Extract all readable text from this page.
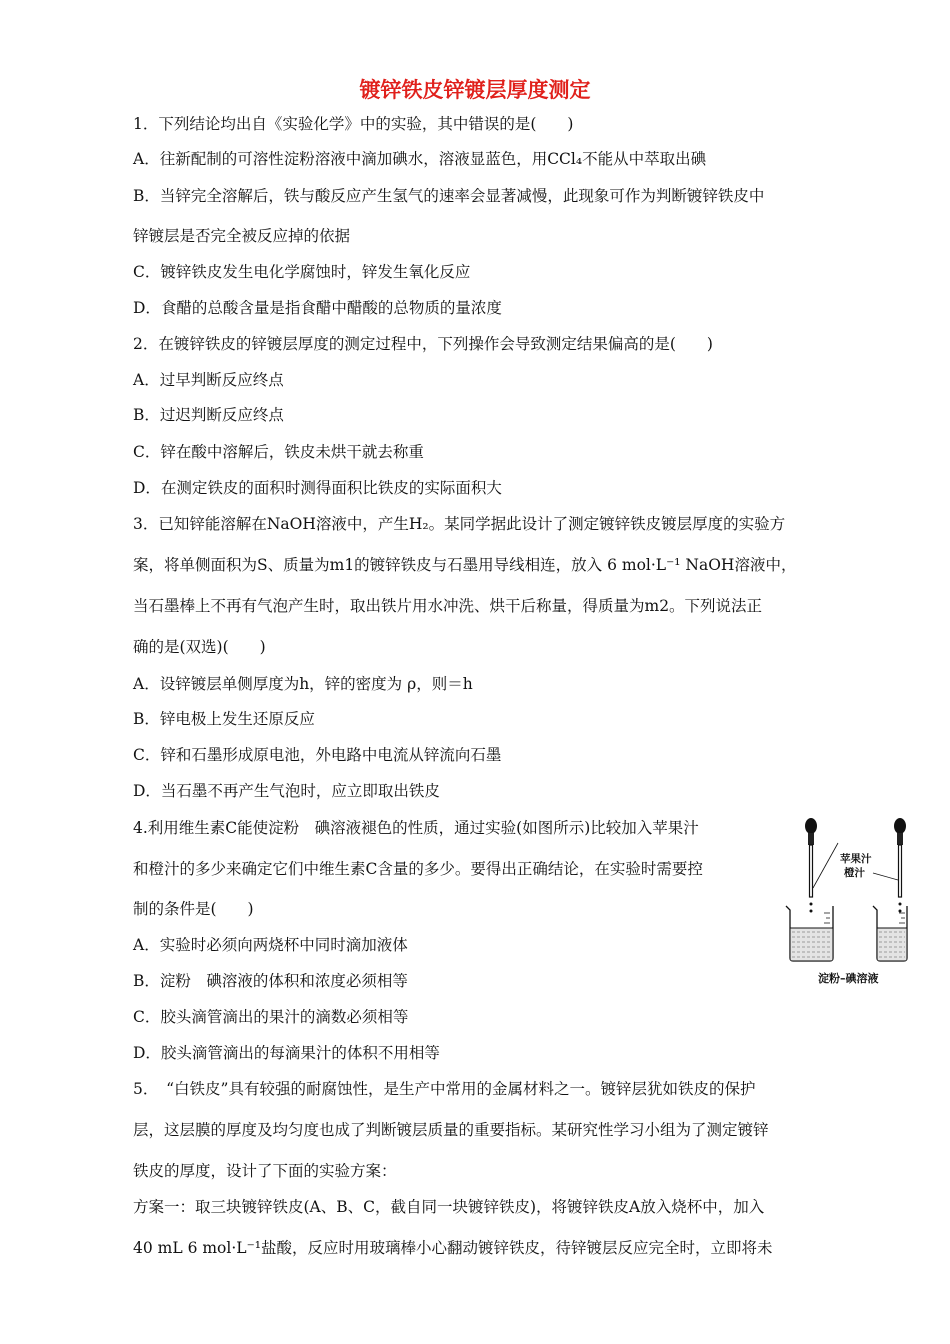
镀锌铁皮锌镀层厚度测定
1．下列结论均出自《实验化学》中的实验，其中错误的是(　　)
A．往新配制的可溶性淀粉溶液中滴加碘水，溶液显蓝色，用CCl₄不能从中萃取出碘
B．当锌完全溶解后，铁与酸反应产生氢气的速率会显著减慢，此现象可作为判断镀锌铁皮中
锌镀层是否完全被反应掉的依据
C．镀锌铁皮发生电化学腐蚀时，锌发生氧化反应
D．食醋的总酸含量是指食醋中醋酸的总物质的量浓度
2．在镀锌铁皮的锌镀层厚度的测定过程中，下列操作会导致测定结果偏高的是(　　)
A．过早判断反应终点
B．过迟判断反应终点
C．锌在酸中溶解后，铁皮未烘干就去称重
D．在测定铁皮的面积时测得面积比铁皮的实际面积大
3．已知锌能溶解在NaOH溶液中，产生H₂。某同学据此设计了测定镀锌铁皮镀层厚度的实验方
案，将单侧面积为S、质量为m1的镀锌铁皮与石墨用导线相连，放入 6 mol·L⁻¹ NaOH溶液中，
当石墨棒上不再有气泡产生时，取出铁片用水冲洗、烘干后称量，得质量为m2。下列说法正
确的是(双选)(　　)
A．设锌镀层单侧厚度为h，锌的密度为 ρ，则＝h
B．锌电极上发生还原反应
C．锌和石墨形成原电池，外电路中电流从锌流向石墨
D．当石墨不再产生气泡时，应立即取出铁皮
4.利用维生素C能使淀粉　碘溶液褪色的性质，通过实验(如图所示)比较加入苹果汁
和橙汁的多少来确定它们中维生素C含量的多少。要得出正确结论，在实验时需要控
制的条件是(　　)
A．实验时必须向两烧杯中同时滴加液体
B．淀粉　碘溶液的体积和浓度必须相等
C．胶头滴管滴出的果汁的滴数必须相等
D．胶头滴管滴出的每滴果汁的体积不用相等
5．　“白铁皮”具有较强的耐腐蚀性，是生产中常用的金属材料之一。镀锌层犹如铁皮的保护
层，这层膜的厚度及均匀度也成了判断镀层质量的重要指标。某研究性学习小组为了测定镀锌
铁皮的厚度，设计了下面的实验方案：
方案一：取三块镀锌铁皮(A、B、C，截自同一块镀锌铁皮)，将镀锌铁皮A放入烧杯中，加入
40 mL 6 mol·L⁻¹盐酸，反应时用玻璃棒小心翻动镀锌铁皮，待锌镀层反应完全时，立即将未
苹果汁
橙汁
淀粉–碘溶液
